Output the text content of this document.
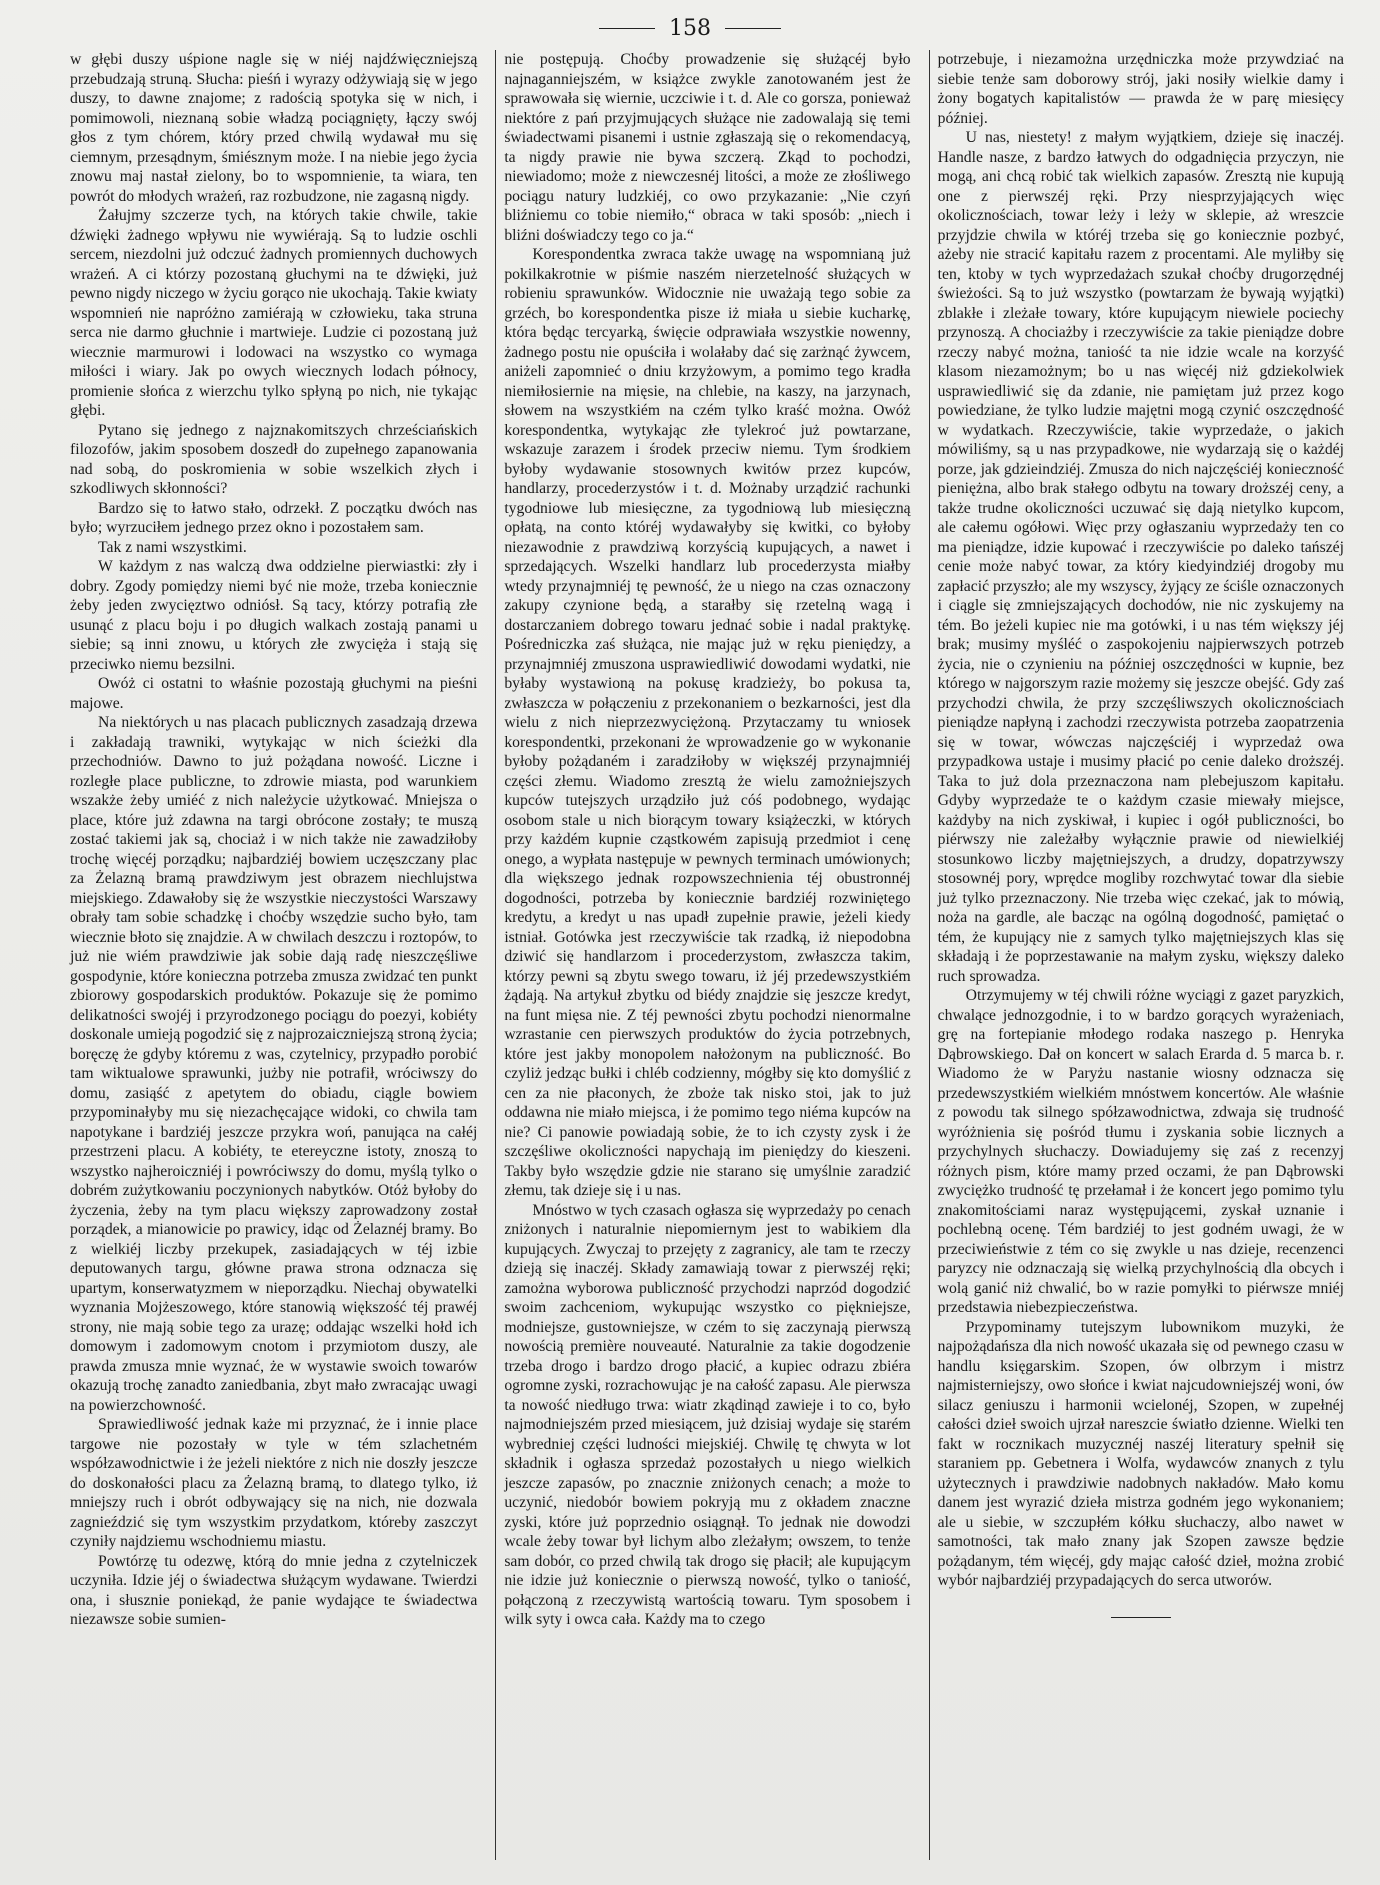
158

w głębi duszy uśpione nagle się w niéj najdźwięczniejszą przebudzają struną. Słucha: pieśń i wyrazy odżywiają się w jego duszy, to dawne znajome; z radością spotyka się w nich, i pomimowoli, nieznaną sobie władzą pociągnięty, łączy swój głos z tym chórem, który przed chwilą wydawał mu się ciemnym, przesądnym, śmiésznym może. I na niebie jego życia znowu maj nastał zielony, bo to wspomnienie, ta wiara, ten powrót do młodych wrażeń, raz rozbudzone, nie zagasną nigdy.

Żałujmy szczerze tych, na których takie chwile, takie dźwięki żadnego wpływu nie wywiérają. Są to ludzie oschli sercem, niezdolni już odczuć żadnych promiennych duchowych wrażeń. A ci którzy pozostaną głuchymi na te dźwięki, już pewno nigdy niczego w życiu gorąco nie ukochają. Takie kwiaty wspomnień nie napróżno zamiérają w człowieku, taka struna serca nie darmo głuchnie i martwieje. Ludzie ci pozostaną już wiecznie marmurowi i lodowaci na wszystko co wymaga miłości i wiary. Jak po owych wiecznych lodach północy, promienie słońca z wierzchu tylko spłyną po nich, nie tykając głębi.

Pytano się jednego z najznakomitszych chrześciańskich filozofów, jakim sposobem doszedł do zupełnego zapanowania nad sobą, do poskromienia w sobie wszelkich złych i szkodliwych skłonności?

Bardzo się to łatwo stało, odrzekł. Z początku dwóch nas było; wyrzuciłem jednego przez okno i pozostałem sam.

Tak z nami wszystkimi.

W każdym z nas walczą dwa oddzielne pierwiastki: zły i dobry. Zgody pomiędzy niemi być nie może, trzeba koniecznie żeby jeden zwycięztwo odniósł. Są tacy, którzy potrafią złe usunąć z placu boju i po długich walkach zostają panami u siebie; są inni znowu, u których złe zwycięża i stają się przeciwko niemu bezsilni.

Owóż ci ostatni to właśnie pozostają głuchymi na pieśni majowe.

Na niektórych u nas placach publicznych zasadzają drzewa i zakładają trawniki, wytykając w nich ścieżki dla przechodniów. Dawno to już pożądana nowość. Liczne i rozległe place publiczne, to zdrowie miasta, pod warunkiem wszakże żeby umiéć z nich należycie użytkować. Mniejsza o place, które już zdawna na targi obrócone zostały; te muszą zostać takiemi jak są, chociaż i w nich także nie zawadziłoby trochę więcéj porządku; najbardziéj bowiem uczęszczany plac za Żelazną bramą prawdziwym jest obrazem niechlujstwa miejskiego. Zdawałoby się że wszystkie nieczystości Warszawy obrały tam sobie schadzkę i choćby wszędzie sucho było, tam wiecznie błoto się znajdzie. A w chwilach deszczu i roztopów, to już nie wiém prawdziwie jak sobie dają radę nieszczęśliwe gospodynie, które konieczna potrzeba zmusza zwidzać ten punkt zbiorowy gospodarskich produktów. Pokazuje się że pomimo delikatności swojéj i przyrodzonego pociągu do poezyi, kobiéty doskonale umieją pogodzić się z najprozaiczniejszą stroną życia; boręczę że gdyby któremu z was, czytelnicy, przypadło porobić tam wiktualowe sprawunki, jużby nie potrafił, wróciwszy do domu, zasiąść z apetytem do obiadu, ciągle bowiem przypominałyby mu się niezachęcające widoki, co chwila tam napotykane i bardziéj jeszcze przykra woń, panująca na całéj przestrzeni placu. A kobiéty, te etereyczne istoty, znoszą to wszystko najheroiczniéj i powróciwszy do domu, myślą tylko o dobrém zużytkowaniu poczynionych nabytków. Otóż byłoby do życzenia, żeby na tym placu większy zaprowadzony został porządek, a mianowicie po prawicy, idąc od Żelaznéj bramy. Bo z wielkiéj liczby przekupek, zasiadających w téj izbie deputowanych targu, główne prawa strona odznacza się upartym, konserwatyzmem w nieporządku. Niechaj obywatelki wyznania Mojżeszowego, które stanowią większość téj prawéj strony, nie mają sobie tego za urazę; oddając wszelki hołd ich domowym i zadomowym cnotom i przymiotom duszy, ale prawda zmusza mnie wyznać, że w wystawie swoich towarów okazują trochę zanadto zaniedbania, zbyt mało zwracając uwagi na powierzchowność.

Sprawiedliwość jednak każe mi przyznać, że i innie place targowe nie pozostały w tyle w tém szlachetném współzawodnictwie i że jeżeli niektóre z nich nie doszły jeszcze do doskonałości placu za Żelazną bramą, to dlatego tylko, iż mniejszy ruch i obrót odbywający się na nich, nie dozwala zagnieździć się tym wszystkim przydatkom, któreby zaszczyt czyniły najdziemu wschodniemu miastu.

Powtórzę tu odezwę, którą do mnie jedna z czytelniczek uczyniła. Idzie jéj o świadectwa służącym wydawane. Twierdzi ona, i słusznie poniekąd, że panie wydające te świadectwa niezawsze sobie sumien-

nie postępują. Choćby prowadzenie się służącéj było najnaganniejszém, w książce zwykle zanotowaném jest że sprawowała się wiernie, uczciwie i t. d. Ale co gorsza, ponieważ niektóre z pań przyjmujących służące nie zadowalają się temi świadectwami pisanemi i ustnie zgłaszają się o rekomendacyą, ta nigdy prawie nie bywa szczerą. Zkąd to pochodzi, niewiadomo; może z niewczesnéj litości, a może ze złośliwego pociągu natury ludzkiéj, co owo przykazanie: „Nie czyń bliźniemu co tobie niemiło,“ obraca w taki sposób: „niech i bliźni doświadczy tego co ja.“

Korespondentka zwraca także uwagę na wspomnianą już pokilkakrotnie w piśmie naszém nierzetelność służących w robieniu sprawunków. Widocznie nie uważają tego sobie za grzéch, bo korespondentka pisze iż miała u siebie kucharkę, która będąc tercyarką, święcie odprawiała wszystkie nowenny, żadnego postu nie opuściła i wolałaby dać się zarżnąć żywcem, aniżeli zapomnieć o dniu krzyżowym, a pomimo tego kradła niemiłosiernie na mięsie, na chlebie, na kaszy, na jarzynach, słowem na wszystkiém na czém tylko kraść można. Owóż korespondentka, wytykając złe tylekroć już powtarzane, wskazuje zarazem i środek przeciw niemu. Tym środkiem byłoby wydawanie stosownych kwitów przez kupców, handlarzy, procederzystów i t. d. Możnaby urządzić rachunki tygodniowe lub miesięczne, za tygodniową lub miesięczną opłatą, na conto któréj wydawałyby się kwitki, co byłoby niezawodnie z prawdziwą korzyścią kupujących, a nawet i sprzedających. Wszelki handlarz lub procederzysta miałby wtedy przynajmniéj tę pewność, że u niego na czas oznaczony zakupy czynione będą, a starałby się rzetelną wagą i dostarczaniem dobrego towaru jednać sobie i nadal praktykę. Pośredniczka zaś służąca, nie mając już w ręku pieniędzy, a przynajmniéj zmuszona usprawiedliwić dowodami wydatki, nie byłaby wystawioną na pokusę kradzieży, bo pokusa ta, zwłaszcza w połączeniu z przekonaniem o bezkarności, jest dla wielu z nich nieprzezwyciężoną. Przytaczamy tu wniosek korespondentki, przekonani że wprowadzenie go w wykonanie byłoby pożądaném i zaradziłoby w większéj przynajmniéj części złemu. Wiadomo zresztą że wielu zamożniejszych kupców tutejszych urządziło już cóś podobnego, wydając osobom stale u nich biorącym towary książeczki, w których przy każdém kupnie cząstkowém zapisują przedmiot i cenę onego, a wypłata następuje w pewnych terminach umówionych; dla większego jednak rozpowszechnienia téj obustronnéj dogodności, potrzeba by koniecznie bardziéj rozwiniętego kredytu, a kredyt u nas upadł zupełnie prawie, jeżeli kiedy istniał. Gotówka jest rzeczywiście tak rzadką, iż niepodobna dziwić się handlarzom i procederzystom, zwłaszcza takim, którzy pewni są zbytu swego towaru, iż jéj przedewszystkiém żądają. Na artykuł zbytku od biédy znajdzie się jeszcze kredyt, na funt mięsa nie. Z téj pewności zbytu pochodzi nienormalne wzrastanie cen pierwszych produktów do życia potrzebnych, które jest jakby monopolem nałożonym na publiczność. Bo czyliż jedząc bułki i chléb codzienny, mógłby się kto domyślić z cen za nie płaconych, że zboże tak nisko stoi, jak to już oddawna nie miało miejsca, i że pomimo tego niéma kupców na nie? Ci panowie powiadają sobie, że to ich czysty zysk i że szczęśliwe okoliczności napychają im pieniędzy do kieszeni. Takby było wszędzie gdzie nie starano się umyślnie zaradzić złemu, tak dzieje się i u nas.

Mnóstwo w tych czasach ogłasza się wyprzedaży po cenach zniżonych i naturalnie niepomiernym jest to wabikiem dla kupujących. Zwyczaj to przejęty z zagranicy, ale tam te rzeczy dzieją się inaczéj. Składy zamawiają towar z pierwszéj ręki; zamożna wyborowa publiczność przychodzi naprzód dogodzić swoim zachceniom, wykupując wszystko co piękniejsze, modniejsze, gustowniejsze, w czém to się zaczynają pierwszą nowością première nouveauté. Naturalnie za takie dogodzenie trzeba drogo i bardzo drogo płacić, a kupiec odrazu zbiéra ogromne zyski, rozrachowując je na całość zapasu. Ale pierwsza ta nowość niedługo trwa: wiatr zkądinąd zawieje i to co, było najmodniejszém przed miesiącem, już dzisiaj wydaje się starém wybredniej części ludności miejskiéj. Chwilę tę chwyta w lot składnik i ogłasza sprzedaż pozostałych u niego wielkich jeszcze zapasów, po znacznie zniżonych cenach; a może to uczynić, niedobór bowiem pokryją mu z okładem znaczne zyski, które już poprzednio osiągnął. To jednak nie dowodzi wcale żeby towar był lichym albo zleżałym; owszem, to tenże sam dobór, co przed chwilą tak drogo się płacił; ale kupującym nie idzie już koniecznie o pierwszą nowość, tylko o taniość, połączoną z rzeczywistą wartością towaru. Tym sposobem i wilk syty i owca cała. Każdy ma to czego

potrzebuje, i niezamożna urzędniczka może przywdziać na siebie tenże sam doborowy strój, jaki nosiły wielkie damy i żony bogatych kapitalistów — prawda że w parę miesięcy później.

U nas, niestety! z małym wyjątkiem, dzieje się inaczéj. Handle nasze, z bardzo łatwych do odgadnięcia przyczyn, nie mogą, ani chcą robić tak wielkich zapasów. Zresztą nie kupują one z pierwszéj ręki. Przy niesprzyjających więc okolicznościach, towar leży i leży w sklepie, aż wreszcie przyjdzie chwila w któréj trzeba się go koniecznie pozbyć, ażeby nie stracić kapitału razem z procentami. Ale myliłby się ten, ktoby w tych wyprzedażach szukał choćby drugorzędnéj świeżości. Są to już wszystko (powtarzam że bywają wyjątki) zblakłe i zleżałe towary, które kupującym niewiele pociechy przynoszą. A chociażby i rzeczywiście za takie pieniądze dobre rzeczy nabyć można, taniość ta nie idzie wcale na korzyść klasom niezamożnym; bo u nas więcéj niż gdziekolwiek usprawiedliwić się da zdanie, nie pamiętam już przez kogo powiedziane, że tylko ludzie majętni mogą czynić oszczędność w wydatkach. Rzeczywiście, takie wyprzedaże, o jakich mówiliśmy, są u nas przypadkowe, nie wydarzają się o każdéj porze, jak gdzieindziéj. Zmusza do nich najczęściéj konieczność pieniężna, albo brak stałego odbytu na towary droższéj ceny, a także trudne okoliczności uczuwać się dają nietylko kupcom, ale całemu ogółowi. Więc przy ogłaszaniu wyprzedaży ten co ma pieniądze, idzie kupować i rzeczywiście po daleko tańszéj cenie może nabyć towar, za który kiedyindziéj drogoby mu zapłacić przyszło; ale my wszyscy, żyjący ze ściśle oznaczonych i ciągle się zmniejszających dochodów, nie nic zyskujemy na tém. Bo jeżeli kupiec nie ma gotówki, i u nas tém większy jéj brak; musimy myśléć o zaspokojeniu najpierwszych potrzeb życia, nie o czynieniu na później oszczędności w kupnie, bez którego w najgorszym razie możemy się jeszcze obejść. Gdy zaś przychodzi chwila, że przy szczęśliwszych okolicznościach pieniądze napłyną i zachodzi rzeczywista potrzeba zaopatrzenia się w towar, wówczas najczęściéj i wyprzedaż owa przypadkowa ustaje i musimy płacić po cenie daleko droższéj. Taka to już dola przeznaczona nam plebejuszom kapitału. Gdyby wyprzedaże te o każdym czasie miewały miejsce, każdyby na nich zyskiwał, i kupiec i ogół publiczności, bo piérwszy nie zależałby wyłącznie prawie od niewielkiéj stosunkowo liczby majętniejszych, a drudzy, dopatrzywszy stosownéj pory, wprędce mogliby rozchwytać towar dla siebie już tylko przeznaczony. Nie trzeba więc czekać, jak to mówią, noża na gardle, ale bacząc na ogólną dogodność, pamiętać o tém, że kupujący nie z samych tylko majętniejszych klas się składają i że poprzestawanie na małym zysku, większy daleko ruch sprowadza.

Otrzymujemy w téj chwili różne wyciągi z gazet paryzkich, chwalące jednozgodnie, i to w bardzo gorących wyrażeniach, grę na fortepianie młodego rodaka naszego p. Henryka Dąbrowskiego. Dał on koncert w salach Erarda d. 5 marca b. r. Wiadomo że w Paryżu nastanie wiosny odznacza się przedewszystkiém wielkiém mnóstwem koncertów. Ale właśnie z powodu tak silnego spółzawodnictwa, zdwaja się trudność wyróżnienia się pośród tłumu i zyskania sobie licznych a przychylnych słuchaczy. Dowiadujemy się zaś z recenzyj różnych pism, które mamy przed oczami, że pan Dąbrowski zwyciężko trudność tę przełamał i że koncert jego pomimo tylu znakomitościami naraz występującemi, zyskał uznanie i pochlebną ocenę. Tém bardziéj to jest godném uwagi, że w przeciwieństwie z tém co się zwykle u nas dzieje, recenzenci paryzcy nie odznaczają się wielką przychylnością dla obcych i wolą ganić niż chwalić, bo w razie pomyłki to piérwsze mniéj przedstawia niebezpieczeństwa.

Przypominamy tutejszym lubownikom muzyki, że najpożądańsza dla nich nowość ukazała się od pewnego czasu w handlu księgarskim. Szopen, ów olbrzym i mistrz najmisterniejszy, owo słońce i kwiat najcudowniejszéj woni, ów silacz geniuszu i harmonii wcielonéj, Szopen, w zupełnéj całości dzieł swoich ujrzał nareszcie światło dzienne. Wielki ten fakt w rocznikach muzycznéj naszéj literatury spełnił się staraniem pp. Gebetnera i Wolfa, wydawców znanych z tylu użytecznych i prawdziwie nadobnych nakładów. Mało komu danem jest wyrazić dzieła mistrza godném jego wykonaniem; ale u siebie, w szczupłém kółku słuchaczy, albo nawet w samotności, tak mało znany jak Szopen zawsze będzie pożądanym, tém więcéj, gdy mając całość dzieł, można zrobić wybór najbardziéj przypadających do serca utworów.
